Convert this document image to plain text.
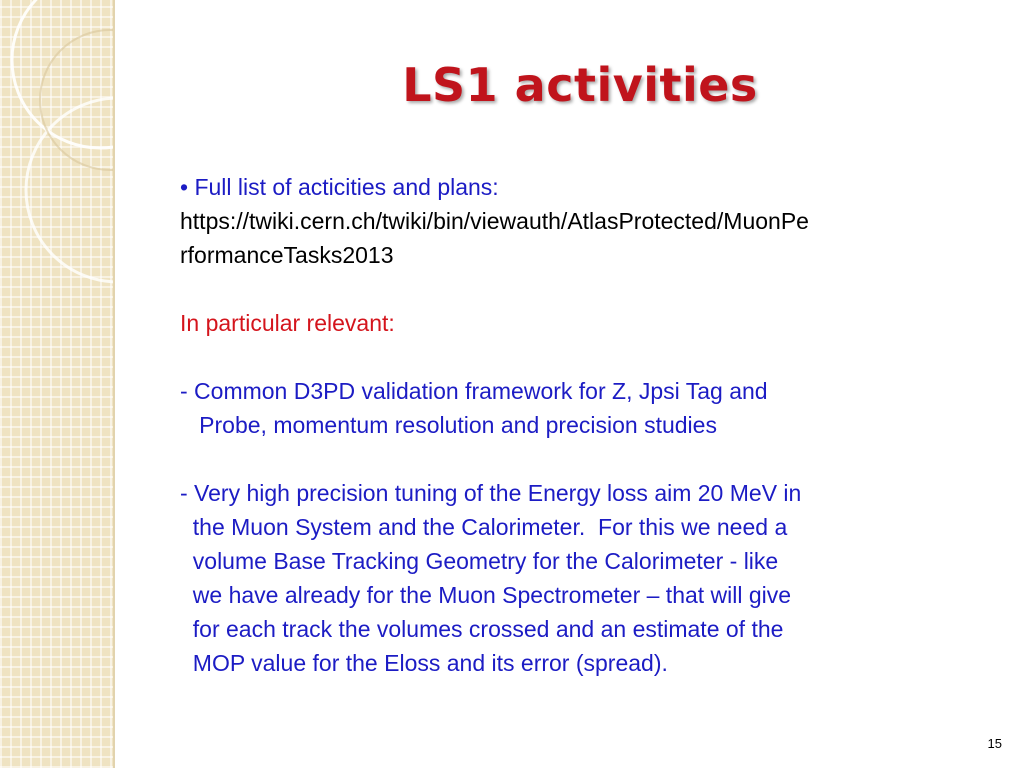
LS1 activities

• Full list of acticities and plans:

https://twiki.cern.ch/twiki/bin/viewauth/AtlasProtected/MuonPe

rformanceTasks2013

In particular relevant:

- Common D3PD validation framework for Z, Jpsi Tag and

Probe, momentum resolution and precision studies

- Very high precision tuning of the Energy loss aim 20 MeV in

the Muon System and the Calorimeter.  For this we need a

volume Base Tracking Geometry for the Calorimeter - like

we have already for the Muon Spectrometer – that will give

for each track the volumes crossed and an estimate of the

MOP value for the Eloss and its error (spread).

15
